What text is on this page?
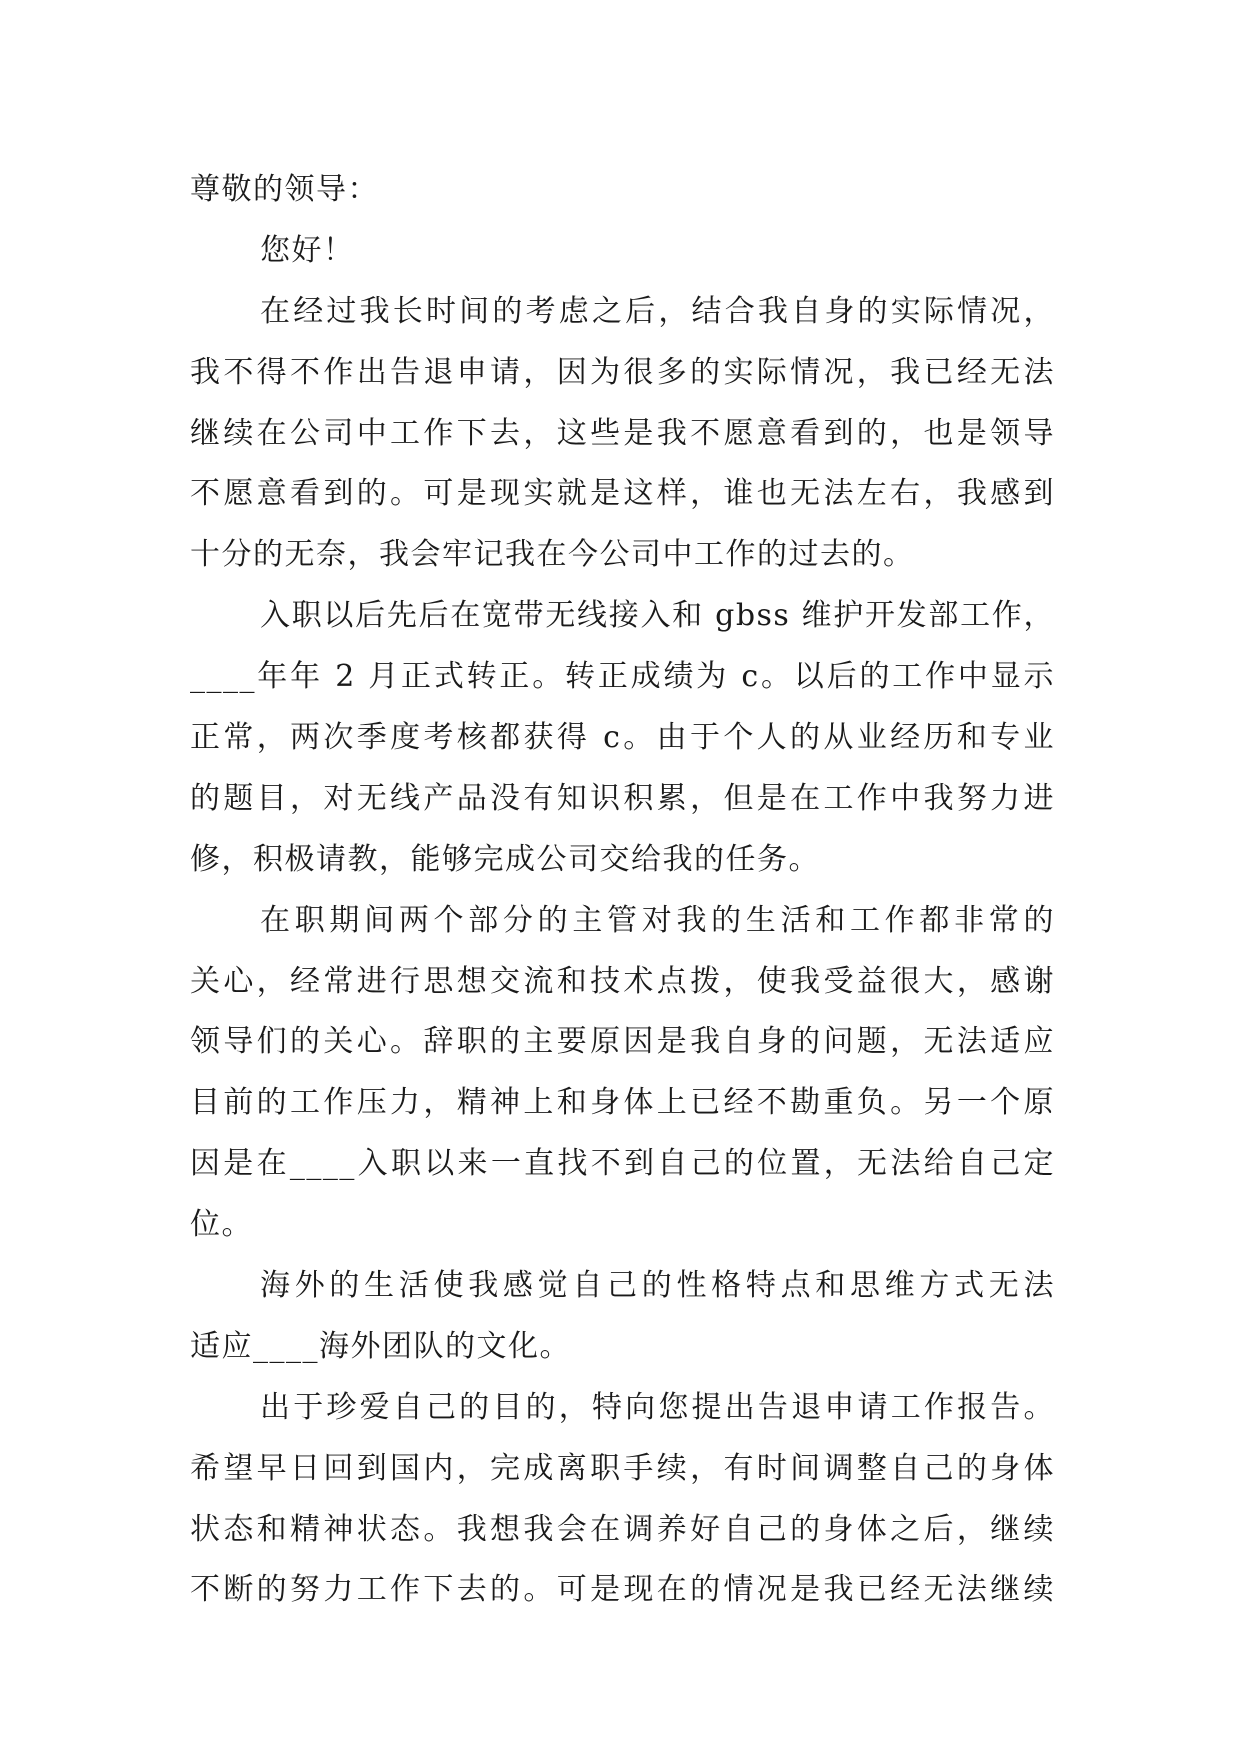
尊敬的领导：
您好！
在经过我长时间的考虑之后，结合我自身的实际情况，
我不得不作出告退申请，因为很多的实际情况，我已经无法
继续在公司中工作下去，这些是我不愿意看到的，也是领导
不愿意看到的。可是现实就是这样，谁也无法左右，我感到
十分的无奈，我会牢记我在今公司中工作的过去的。
入职以后先后在宽带无线接入和 gbss 维护开发部工作，
____年年 2 月正式转正。转正成绩为 c。以后的工作中显示
正常，两次季度考核都获得 c。由于个人的从业经历和专业
的题目，对无线产品没有知识积累，但是在工作中我努力进
修，积极请教，能够完成公司交给我的任务。
在职期间两个部分的主管对我的生活和工作都非常的
关心，经常进行思想交流和技术点拨，使我受益很大，感谢
领导们的关心。辞职的主要原因是我自身的问题，无法适应
目前的工作压力，精神上和身体上已经不勘重负。另一个原
因是在____入职以来一直找不到自己的位置，无法给自己定
位。
海外的生活使我感觉自己的性格特点和思维方式无法
适应____海外团队的文化。
出于珍爱自己的目的，特向您提出告退申请工作报告。
希望早日回到国内，完成离职手续，有时间调整自己的身体
状态和精神状态。我想我会在调养好自己的身体之后，继续
不断的努力工作下去的。可是现在的情况是我已经无法继续
